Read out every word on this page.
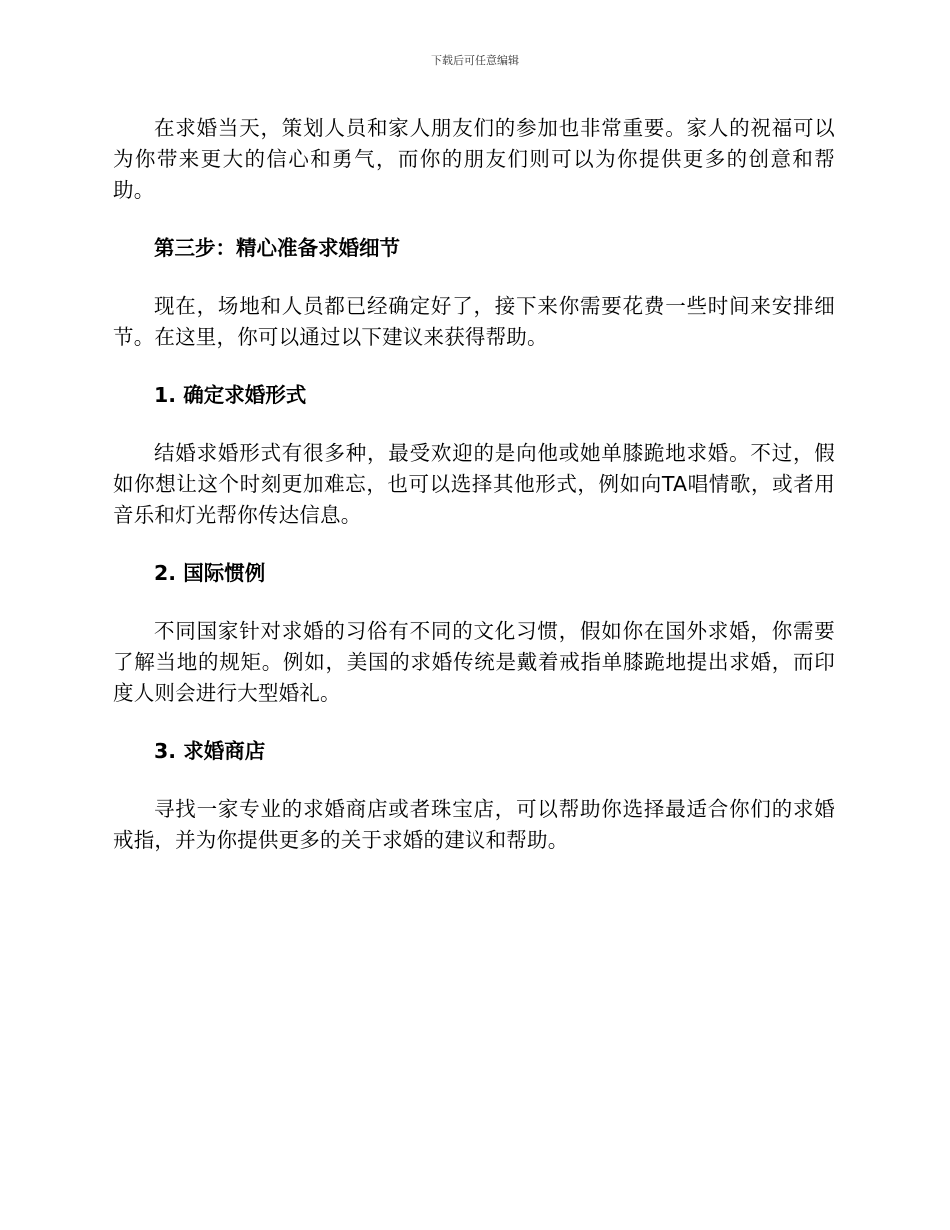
下载后可任意编辑

在求婚当天，策划人员和家人朋友们的参加也非常重要。家人的祝福可以为你带来更大的信心和勇气，而你的朋友们则可以为你提供更多的创意和帮助。

第三步：精心准备求婚细节

现在，场地和人员都已经确定好了，接下来你需要花费一些时间来安排细节。在这里，你可以通过以下建议来获得帮助。

1. 确定求婚形式

结婚求婚形式有很多种，最受欢迎的是向他或她单膝跪地求婚。不过，假如你想让这个时刻更加难忘，也可以选择其他形式，例如向TA唱情歌，或者用音乐和灯光帮你传达信息。

2. 国际惯例

不同国家针对求婚的习俗有不同的文化习惯，假如你在国外求婚，你需要了解当地的规矩。例如，美国的求婚传统是戴着戒指单膝跪地提出求婚，而印度人则会进行大型婚礼。

3. 求婚商店

寻找一家专业的求婚商店或者珠宝店，可以帮助你选择最适合你们的求婚戒指，并为你提供更多的关于求婚的建议和帮助。
